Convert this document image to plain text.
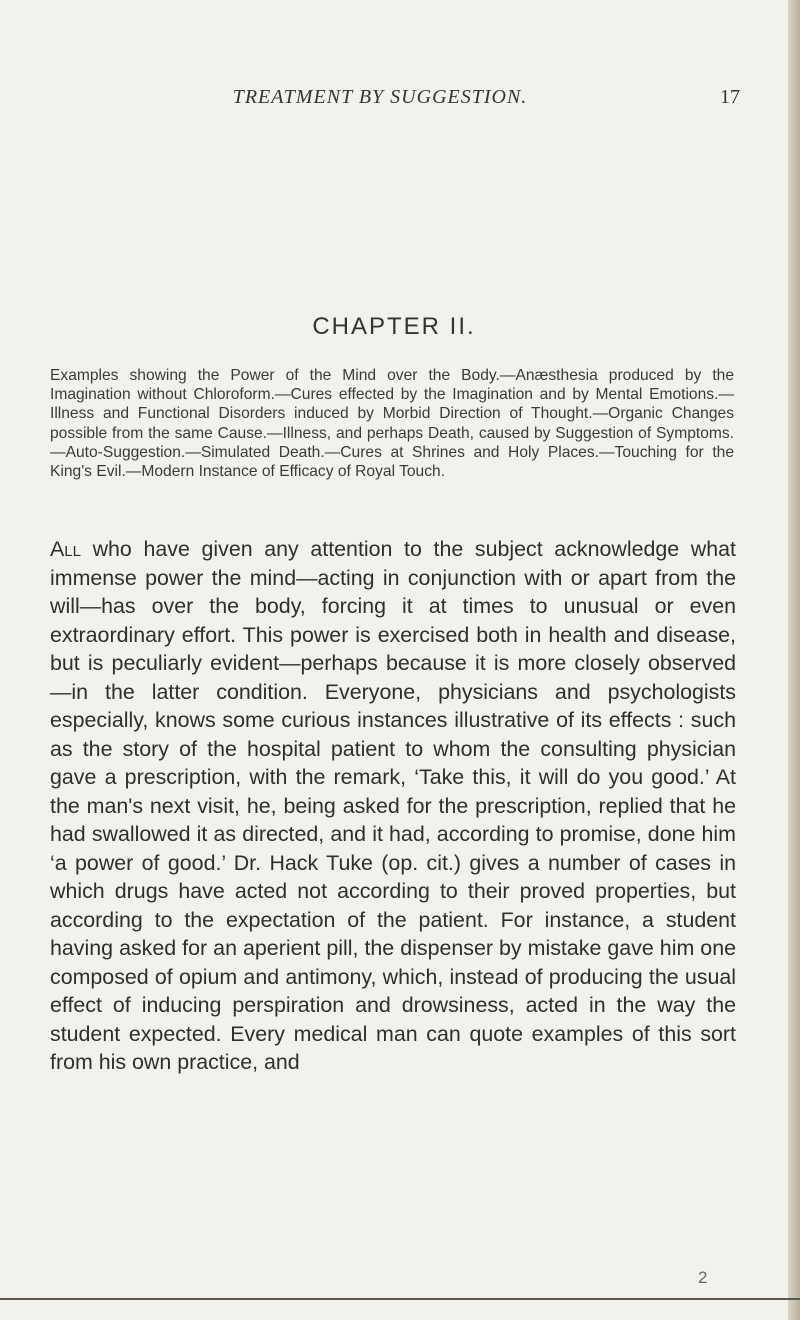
TREATMENT BY SUGGESTION.	17
CHAPTER II.

Examples showing the Power of the Mind over the Body.—Anæsthesia produced by the Imagination without Chloroform.—Cures effected by the Imagination and by Mental Emotions.—Illness and Functional Disorders induced by Morbid Direction of Thought.—Organic Changes possible from the same Cause.—Illness, and perhaps Death, caused by Suggestion of Symptoms.—Auto-Suggestion.—Simulated Death.—Cures at Shrines and Holy Places.—Touching for the King's Evil.—Modern Instance of Efficacy of Royal Touch.

All who have given any attention to the subject acknowledge what immense power the mind—acting in conjunction with or apart from the will—has over the body, forcing it at times to unusual or even extraordinary effort. This power is exercised both in health and disease, but is peculiarly evident—perhaps because it is more closely observed—in the latter condition. Everyone, physicians and psychologists especially, knows some curious instances illustrative of its effects : such as the story of the hospital patient to whom the consulting physician gave a prescription, with the remark, ‘Take this, it will do you good.’ At the man's next visit, he, being asked for the prescription, replied that he had swallowed it as directed, and it had, according to promise, done him ‘a power of good.’ Dr. Hack Tuke (op. cit.) gives a number of cases in which drugs have acted not according to their proved properties, but according to the expectation of the patient. For instance, a student having asked for an aperient pill, the dispenser by mistake gave him one composed of opium and antimony, which, instead of producing the usual effect of inducing perspiration and drowsiness, acted in the way the student expected. Every medical man can quote examples of this sort from his own practice, and

2
